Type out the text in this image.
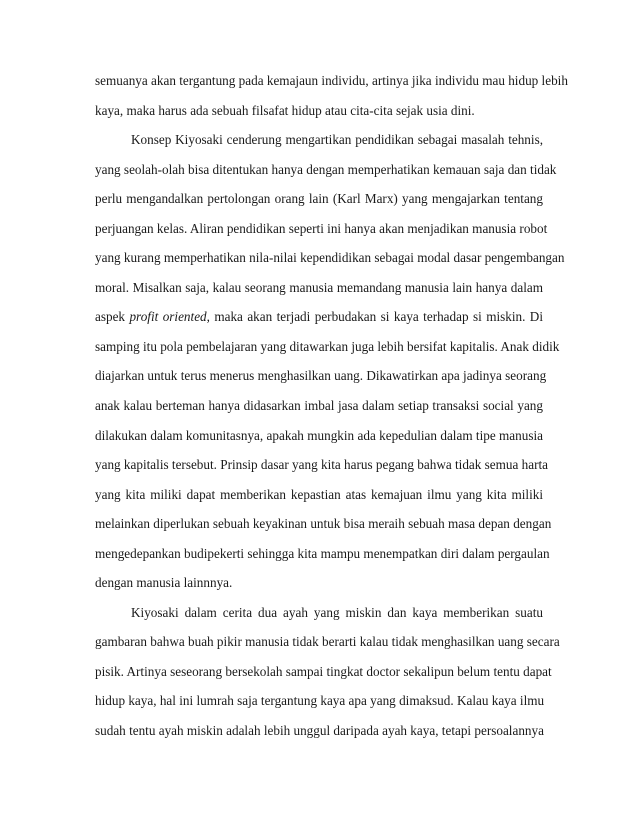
semuanya akan tergantung pada kemajaun individu, artinya jika individu mau hidup lebih
kaya, maka harus ada sebuah filsafat hidup atau cita-cita sejak usia dini.
Konsep Kiyosaki cenderung mengartikan pendidikan sebagai masalah tehnis,
yang seolah-olah bisa ditentukan hanya dengan memperhatikan kemauan saja dan tidak
perlu mengandalkan pertolongan orang lain (Karl Marx) yang mengajarkan tentang
perjuangan kelas. Aliran pendidikan seperti ini hanya akan menjadikan manusia robot
yang kurang memperhatikan nila-nilai kependidikan sebagai modal dasar pengembangan
moral. Misalkan saja, kalau seorang manusia memandang manusia lain hanya dalam
aspek profit oriented, maka akan terjadi perbudakan si kaya terhadap si miskin. Di
samping itu pola pembelajaran yang ditawarkan juga lebih bersifat kapitalis. Anak didik
diajarkan untuk terus menerus menghasilkan uang. Dikawatirkan apa jadinya seorang
anak kalau berteman hanya didasarkan imbal jasa dalam setiap transaksi social yang
dilakukan dalam komunitasnya, apakah mungkin ada kepedulian dalam tipe manusia
yang kapitalis tersebut. Prinsip dasar yang kita harus pegang bahwa tidak semua harta
yang kita miliki dapat memberikan kepastian atas kemajuan ilmu yang kita miliki
melainkan diperlukan sebuah keyakinan untuk bisa meraih sebuah masa depan dengan
mengedepankan budipekerti sehingga kita mampu menempatkan diri dalam pergaulan
dengan manusia lainnnya.
Kiyosaki dalam cerita dua ayah yang miskin dan kaya memberikan suatu
gambaran bahwa buah pikir manusia tidak berarti kalau tidak menghasilkan uang secara
pisik. Artinya seseorang bersekolah sampai tingkat doctor sekalipun belum tentu dapat
hidup kaya, hal ini lumrah saja tergantung kaya apa yang dimaksud. Kalau kaya ilmu
sudah tentu ayah miskin adalah lebih unggul daripada ayah kaya, tetapi persoalannya
